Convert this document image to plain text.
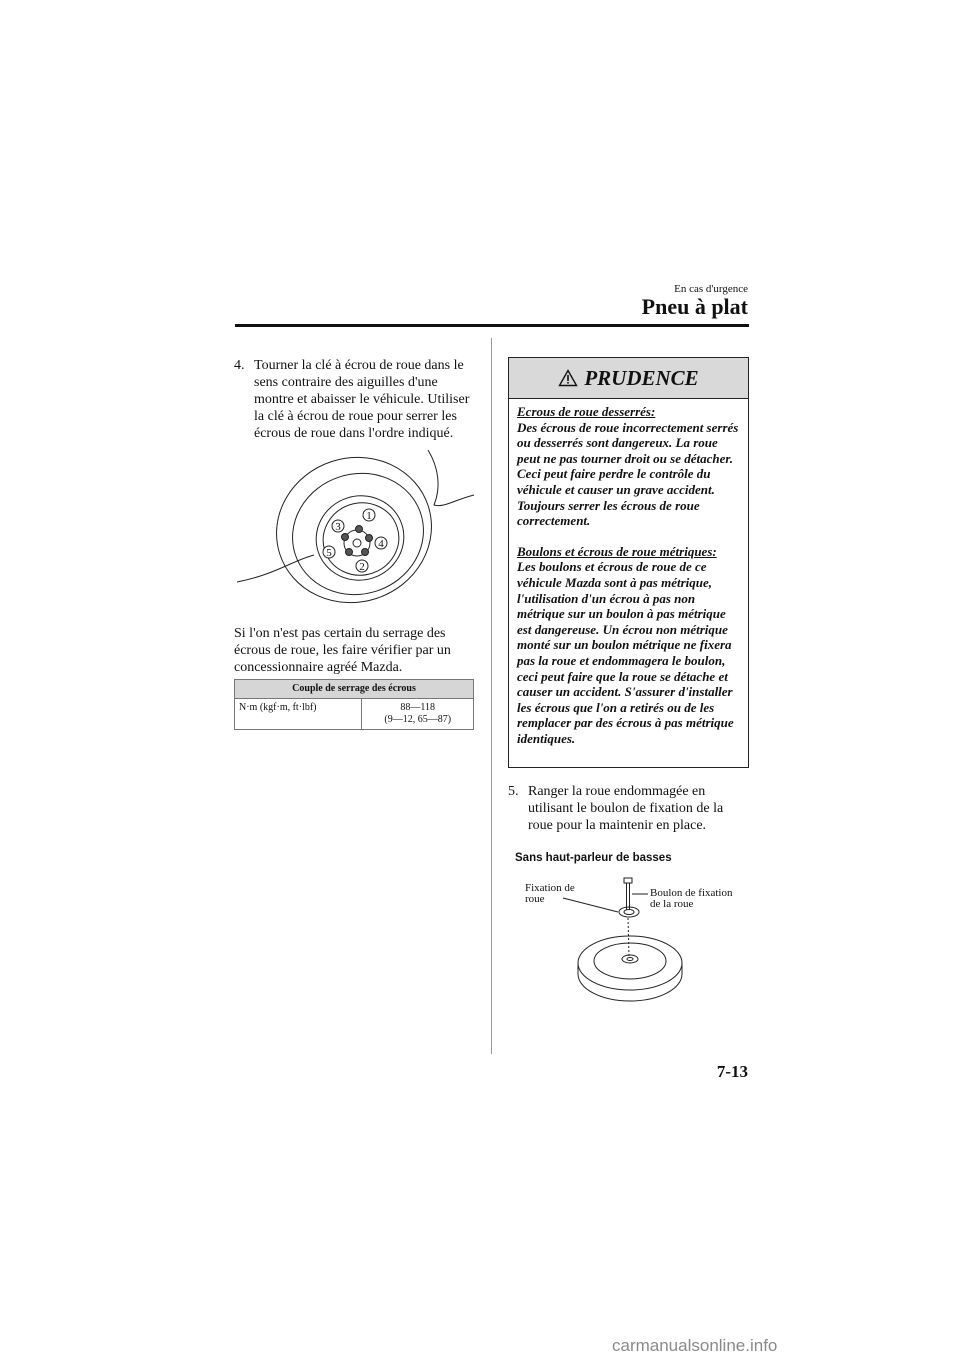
En cas d'urgence
Pneu à plat
4. Tourner la clé à écrou de roue dans le sens contraire des aiguilles d'une montre et abaisser le véhicule. Utiliser la clé à écrou de roue pour serrer les écrous de roue dans l'ordre indiqué.
1
2
3
4
5
Si l'on n'est pas certain du serrage des écrous de roue, les faire vérifier par un concessionnaire agréé Mazda.
Couple de serrage des écrous
N·m (kgf·m, ft·lbf)	88―118
(9―12, 65―87)
PRUDENCE
Ecrous de roue desserrés:
Des écrous de roue incorrectement serrés ou desserrés sont dangereux. La roue peut ne pas tourner droit ou se détacher. Ceci peut faire perdre le contrôle du véhicule et causer un grave accident. Toujours serrer les écrous de roue correctement.
Boulons et écrous de roue métriques:
Les boulons et écrous de roue de ce véhicule Mazda sont à pas métrique, l'utilisation d'un écrou à pas non métrique sur un boulon à pas métrique est dangereuse. Un écrou non métrique monté sur un boulon métrique ne fixera pas la roue et endommagera le boulon, ceci peut faire que la roue se détache et causer un accident. S'assurer d'installer les écrous que l'on a retirés ou de les remplacer par des écrous à pas métrique identiques.
5. Ranger la roue endommagée en utilisant le boulon de fixation de la roue pour la maintenir en place.
Sans haut-parleur de basses
Fixation de
roue	Boulon de fixation
de la roue
7-13
carmanualsonline.info
